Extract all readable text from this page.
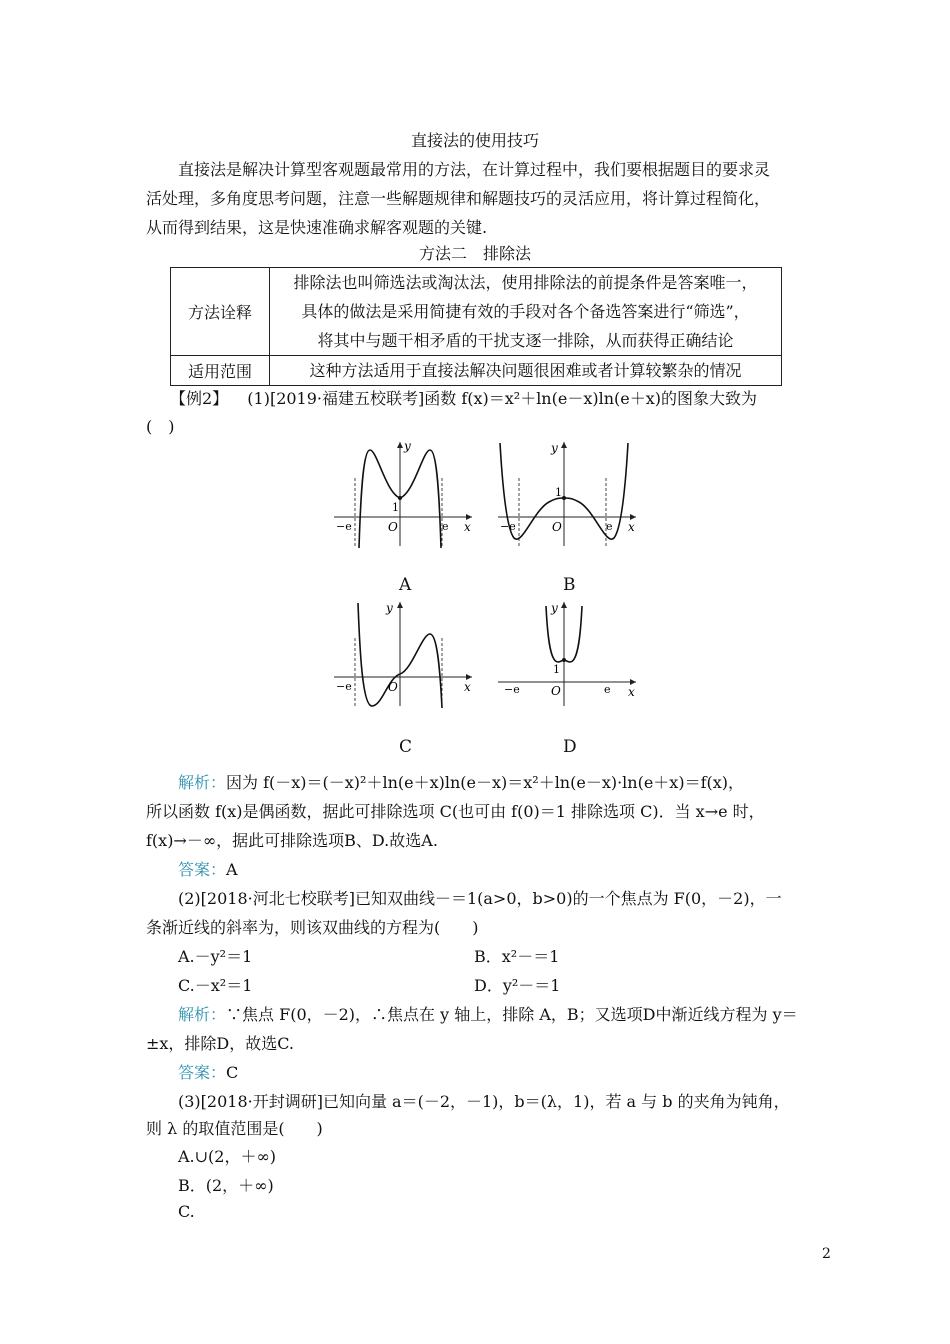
直接法的使用技巧
直接法是解决计算型客观题最常用的方法，在计算过程中，我们要根据题目的要求灵
活处理，多角度思考问题，注意一些解题规律和解题技巧的灵活应用，将计算过程简化，
从而得到结果，这是快速准确求解客观题的关键.
方法二　排除法
方法诠释	排除法也叫筛选法或淘汰法，使用排除法的前提条件是答案唯一，
具体的做法是采用简捷有效的手段对各个备选答案进行“筛选”，
将其中与题干相矛盾的干扰支逐一排除，从而获得正确结论

适用范围	这种方法适用于直接法解决问题很困难或者计算较繁杂的情况
【例2】 (1)[2019·福建五校联考]函数 f(x)＝x²＋ln(e－x)ln(e＋x)的图象大致为
(　)
−e	e
O
1
x
y
A
−e	e
O
1
x
y
B
−e	O	x
y
C
−e	e
O
1
x
y
D
解析：因为 f(－x)＝(－x)²＋ln(e＋x)ln(e－x)＝x²＋ln(e－x)·ln(e＋x)＝f(x)，
所以函数 f(x)是偶函数，据此可排除选项 C(也可由 f(0)＝1 排除选项 C)．当 x→e 时，
f(x)→－∞，据此可排除选项B、D.故选A.
答案：A
(2)[2018·河北七校联考]已知双曲线－＝1(a>0，b>0)的一个焦点为 F(0，－2)，一
条渐近线的斜率为，则该双曲线的方程为(　　)
A.－y²＝1	B．x²－＝1
C.－x²＝1	D．y²－＝1
解析：∵焦点 F(0，－2)，∴焦点在 y 轴上，排除 A，B；又选项D中渐近线方程为 y＝
±x，排除D，故选C.
答案：C
(3)[2018·开封调研]已知向量 a＝(－2，－1)，b＝(λ，1)，若 a 与 b 的夹角为钝角，
则 λ 的取值范围是(　　)
A.∪(2，＋∞)
B．(2，＋∞)
C.
2
